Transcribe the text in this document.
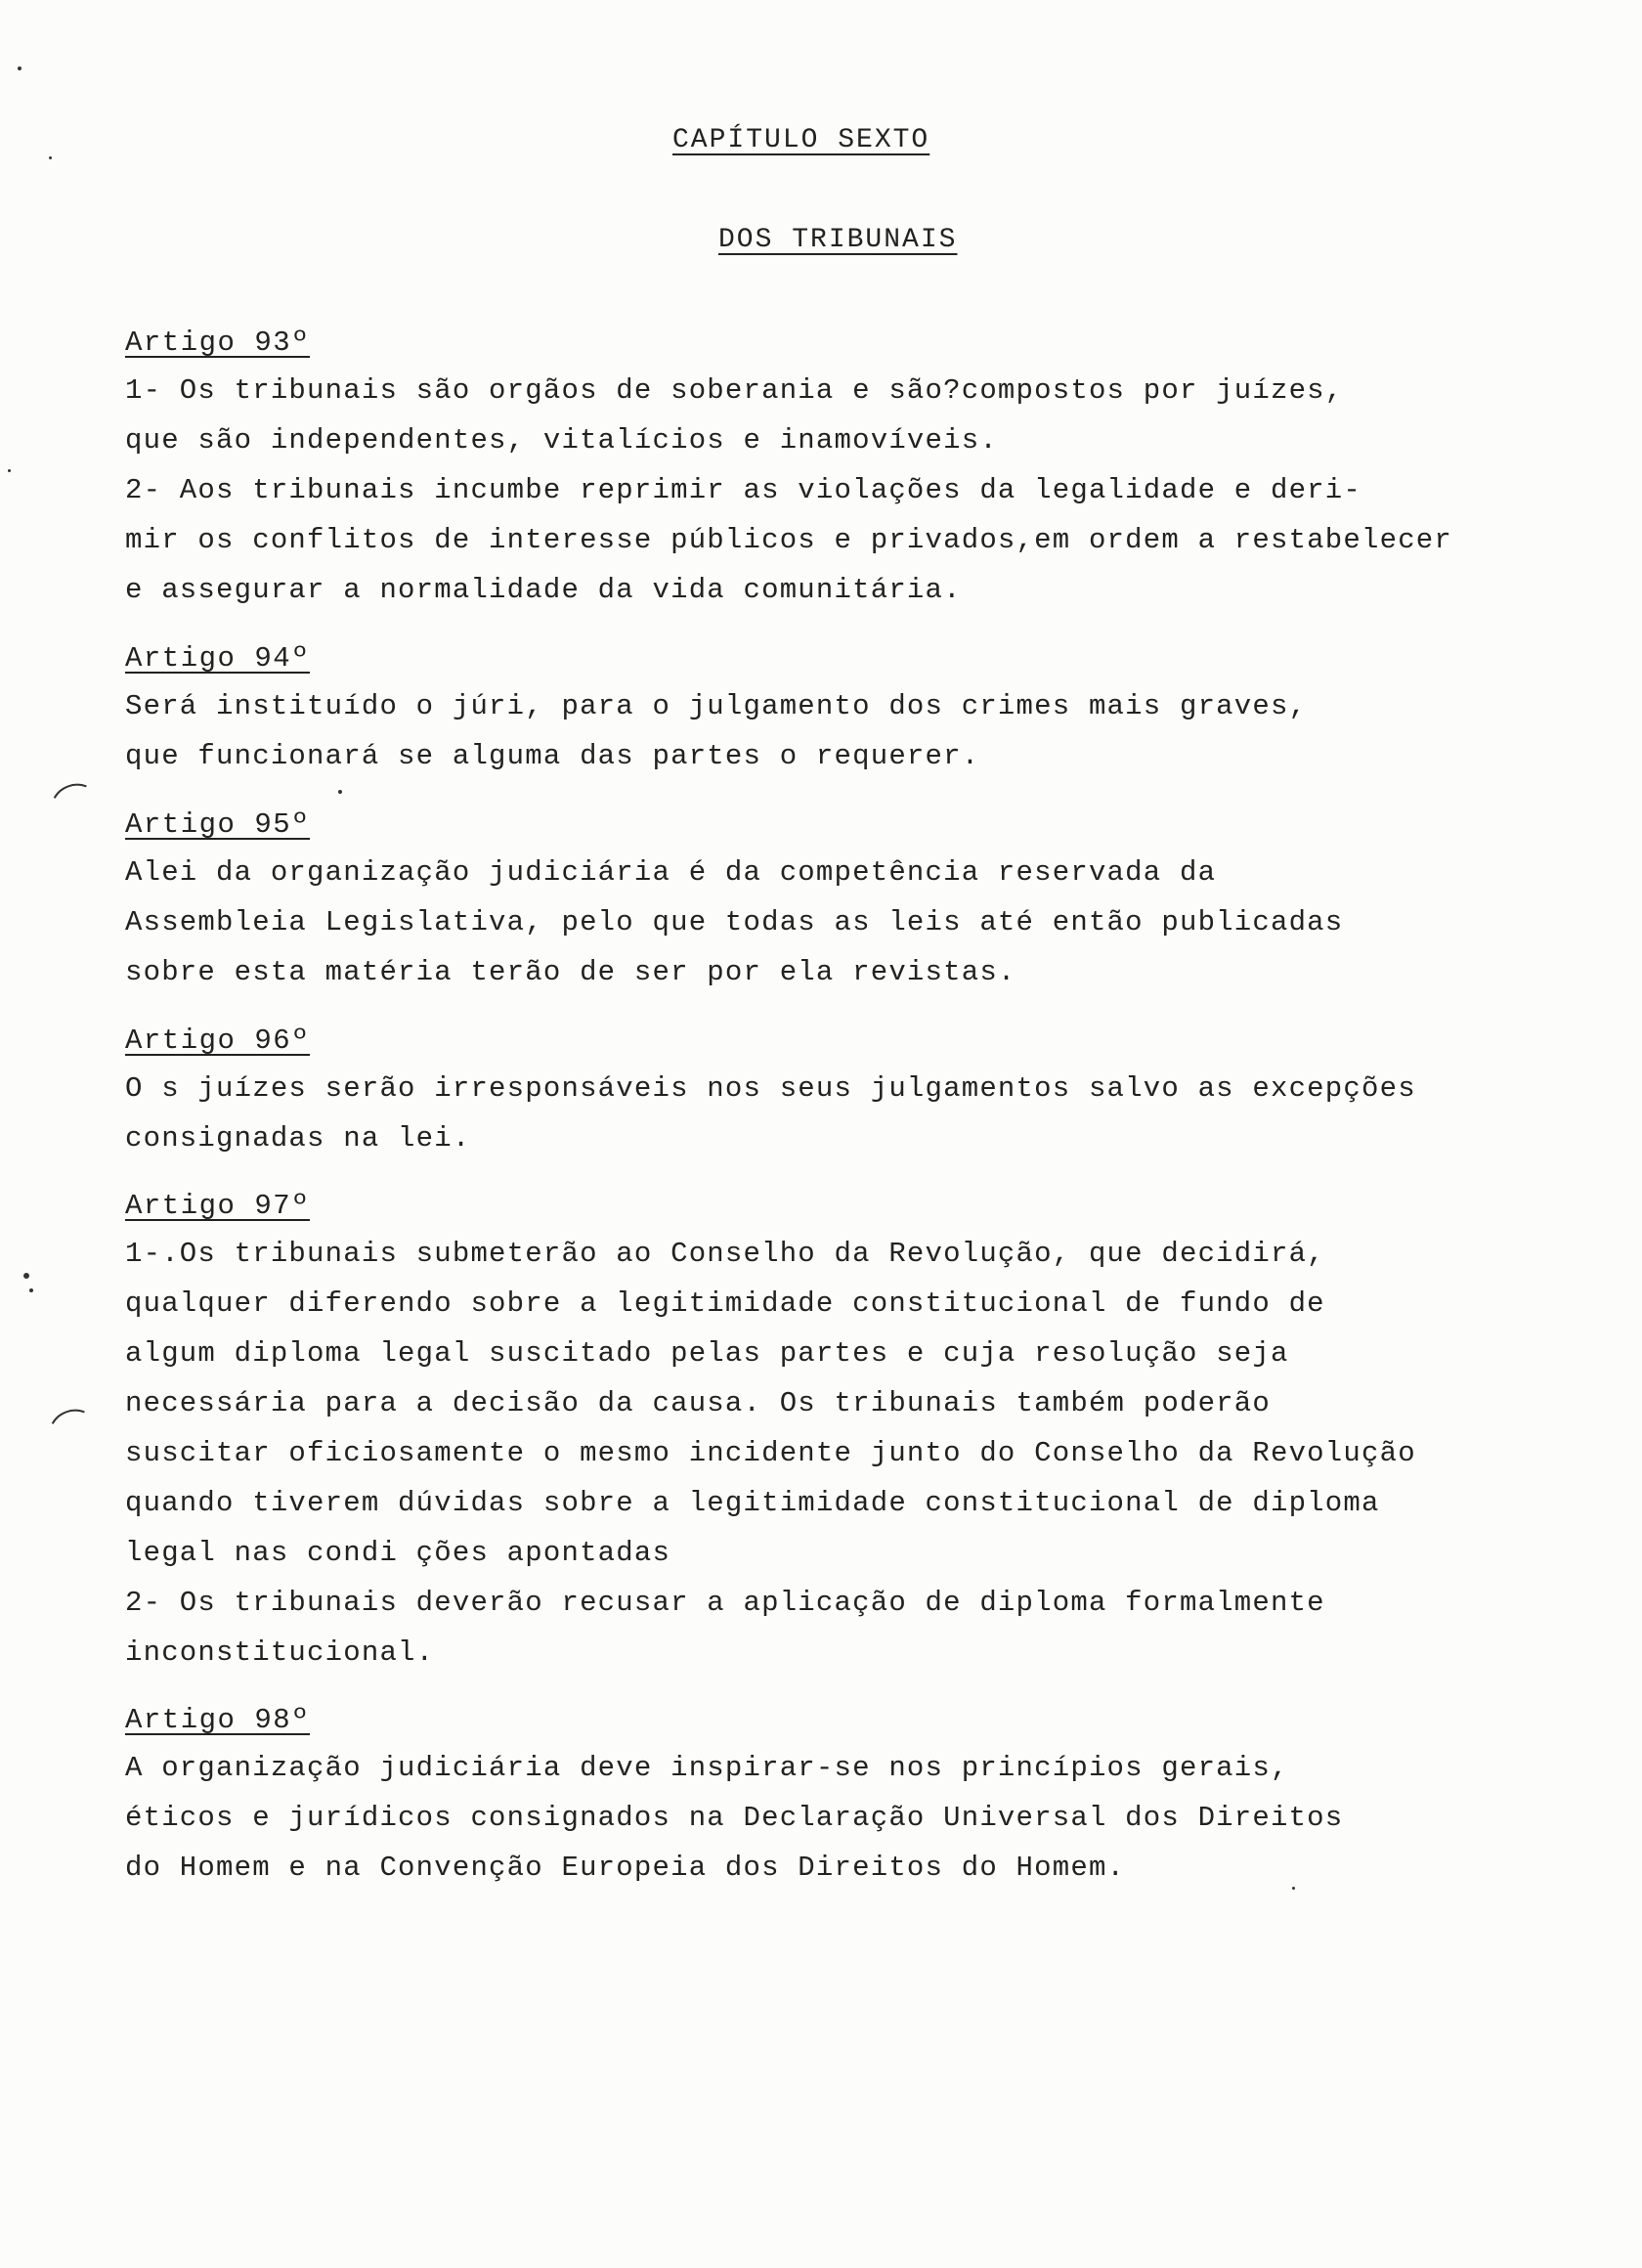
CAPÍTULO SEXTO
DOS TRIBUNAIS
Artigo 93º
1- Os tribunais são orgãos de soberania e são?compostos por juízes,
que são independentes, vitalícios e inamovíveis.
2- Aos tribunais incumbe reprimir as violações da legalidade e deri-
mir os conflitos de interesse públicos e privados,em ordem a restabelecer
e assegurar a normalidade da vida comunitária.
Artigo 94º
Será instituído o júri, para o julgamento dos crimes mais graves,
que funcionará se alguma das partes o requerer.
Artigo 95º
Alei da organização judiciária é da competência reservada da
Assembleia Legislativa, pelo que todas as leis até então publicadas
sobre esta matéria terão de ser por ela revistas.
Artigo 96º
O s juízes serão irresponsáveis nos seus julgamentos salvo as excepções
consignadas na lei.
Artigo 97º
1-.Os tribunais submeterão ao Conselho da Revolução, que decidirá,
qualquer diferendo sobre a legitimidade constitucional de fundo de
algum diploma legal suscitado pelas partes e cuja resolução seja
necessária para a decisão da causa. Os tribunais também poderão
suscitar oficiosamente o mesmo incidente junto do Conselho da Revolução
quando tiverem dúvidas sobre a legitimidade constitucional de diploma
legal nas condi ções apontadas
2- Os tribunais deverão recusar a aplicação de diploma formalmente
inconstitucional.
Artigo 98º
A organização judiciária deve inspirar-se nos princípios gerais,
éticos e jurídicos consignados na Declaração Universal dos Direitos
do Homem e na Convenção Europeia dos Direitos do Homem.
